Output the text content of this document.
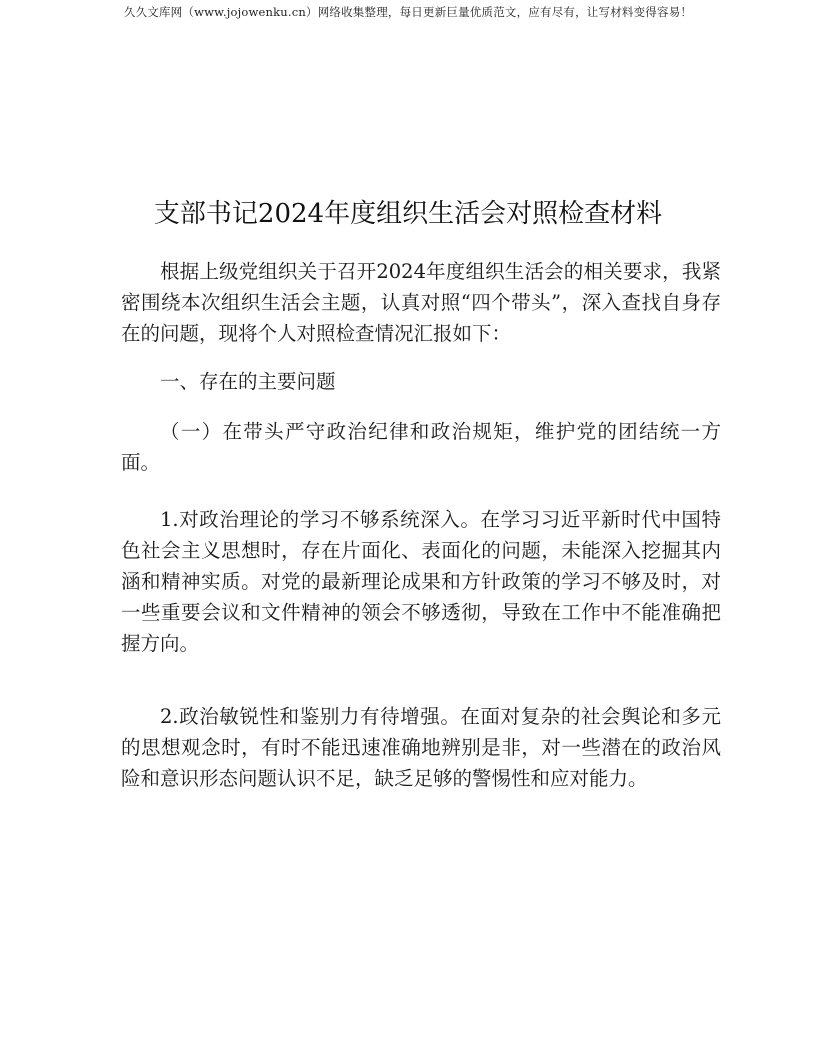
久久文库网（www.jojowenku.cn）网络收集整理，每日更新巨量优质范文，应有尽有，让写材料变得容易！
支部书记2024年度组织生活会对照检查材料

根据上级党组织关于召开2024年度组织生活会的相关要求，我紧密围绕本次组织生活会主题，认真对照“四个带头”，深入查找自身存在的问题，现将个人对照检查情况汇报如下：

一、存在的主要问题

（一）在带头严守政治纪律和政治规矩，维护党的团结统一方面。

1.对政治理论的学习不够系统深入。在学习习近平新时代中国特色社会主义思想时，存在片面化、表面化的问题，未能深入挖掘其内涵和精神实质。对党的最新理论成果和方针政策的学习不够及时，对一些重要会议和文件精神的领会不够透彻，导致在工作中不能准确把握方向。

2.政治敏锐性和鉴别力有待增强。在面对复杂的社会舆论和多元的思想观念时，有时不能迅速准确地辨别是非，对一些潜在的政治风险和意识形态问题认识不足，缺乏足够的警惕性和应对能力。
